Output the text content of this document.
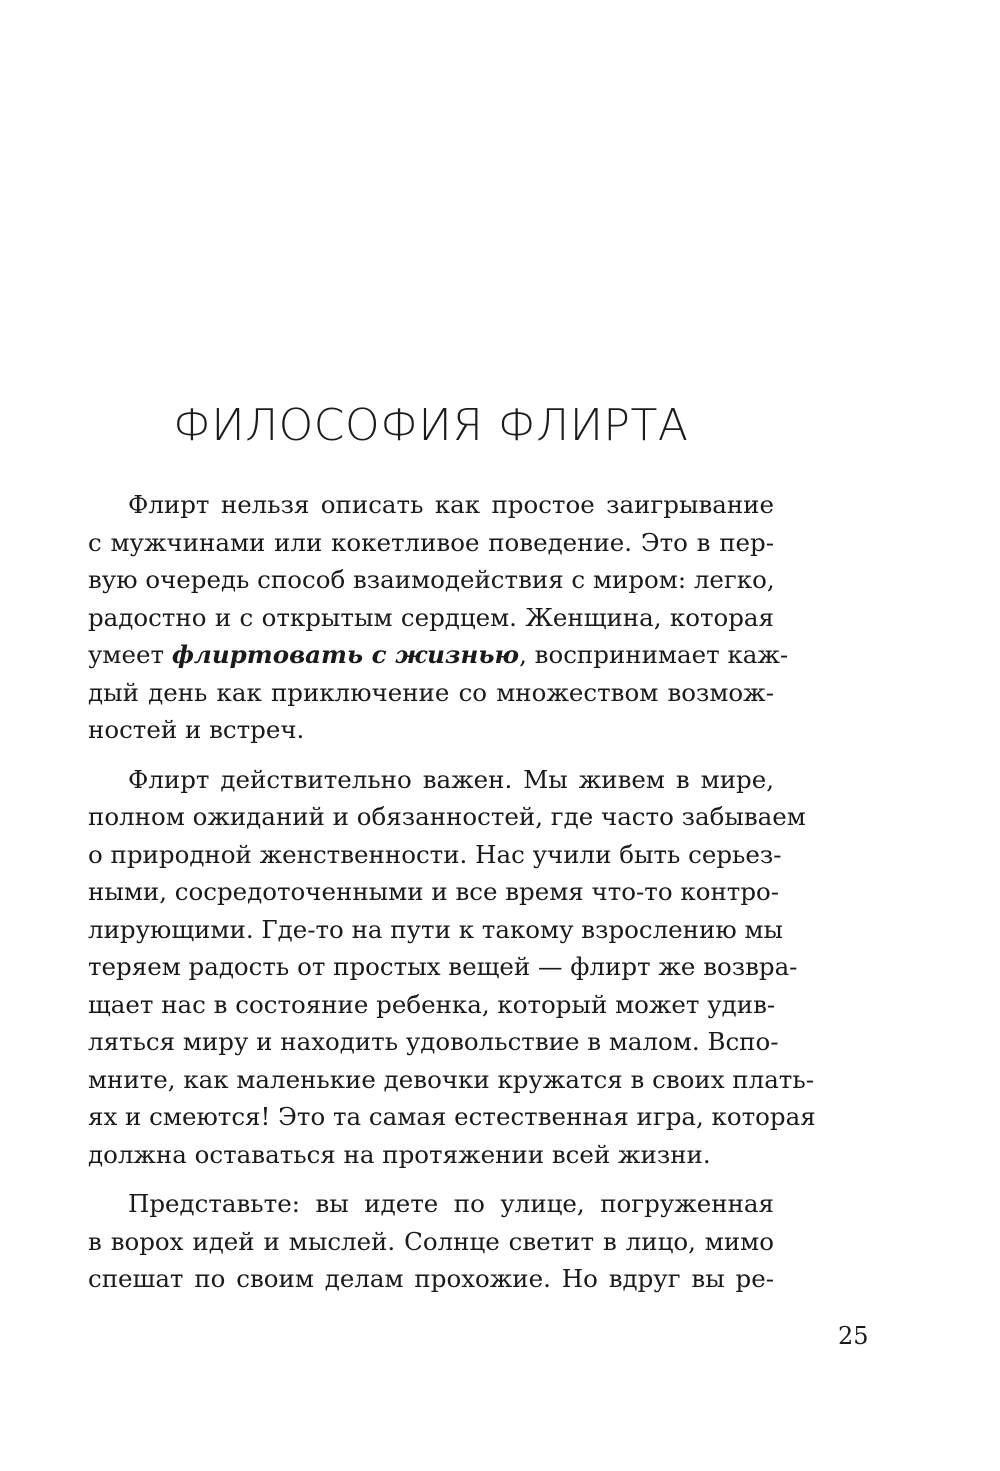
ФИЛОСОФИЯ ФЛИРТА

Флирт нельзя описать как простое заигрывание
с мужчинами или кокетливое поведение. Это в пер-
вую очередь способ взаимодействия с миром: легко,
радостно и с открытым сердцем. Женщина, которая
умеет флиртовать с жизнью, воспринимает каж-
дый день как приключение со множеством возмож-
ностей и встреч.

Флирт действительно важен. Мы живем в мире,
полном ожиданий и обязанностей, где часто забываем
о природной женственности. Нас учили быть серьез-
ными, сосредоточенными и все время что-то контро-
лирующими. Где-то на пути к такому взрослению мы
теряем радость от простых вещей — флирт же возвра-
щает нас в состояние ребенка, который может удив-
ляться миру и находить удовольствие в малом. Вспо-
мните, как маленькие девочки кружатся в своих плать-
ях и смеются! Это та самая естественная игра, которая
должна оставаться на протяжении всей жизни.

Представьте: вы идете по улице, погруженная
в ворох идей и мыслей. Солнце светит в лицо, мимо
спешат по своим делам прохожие. Но вдруг вы ре-

25
